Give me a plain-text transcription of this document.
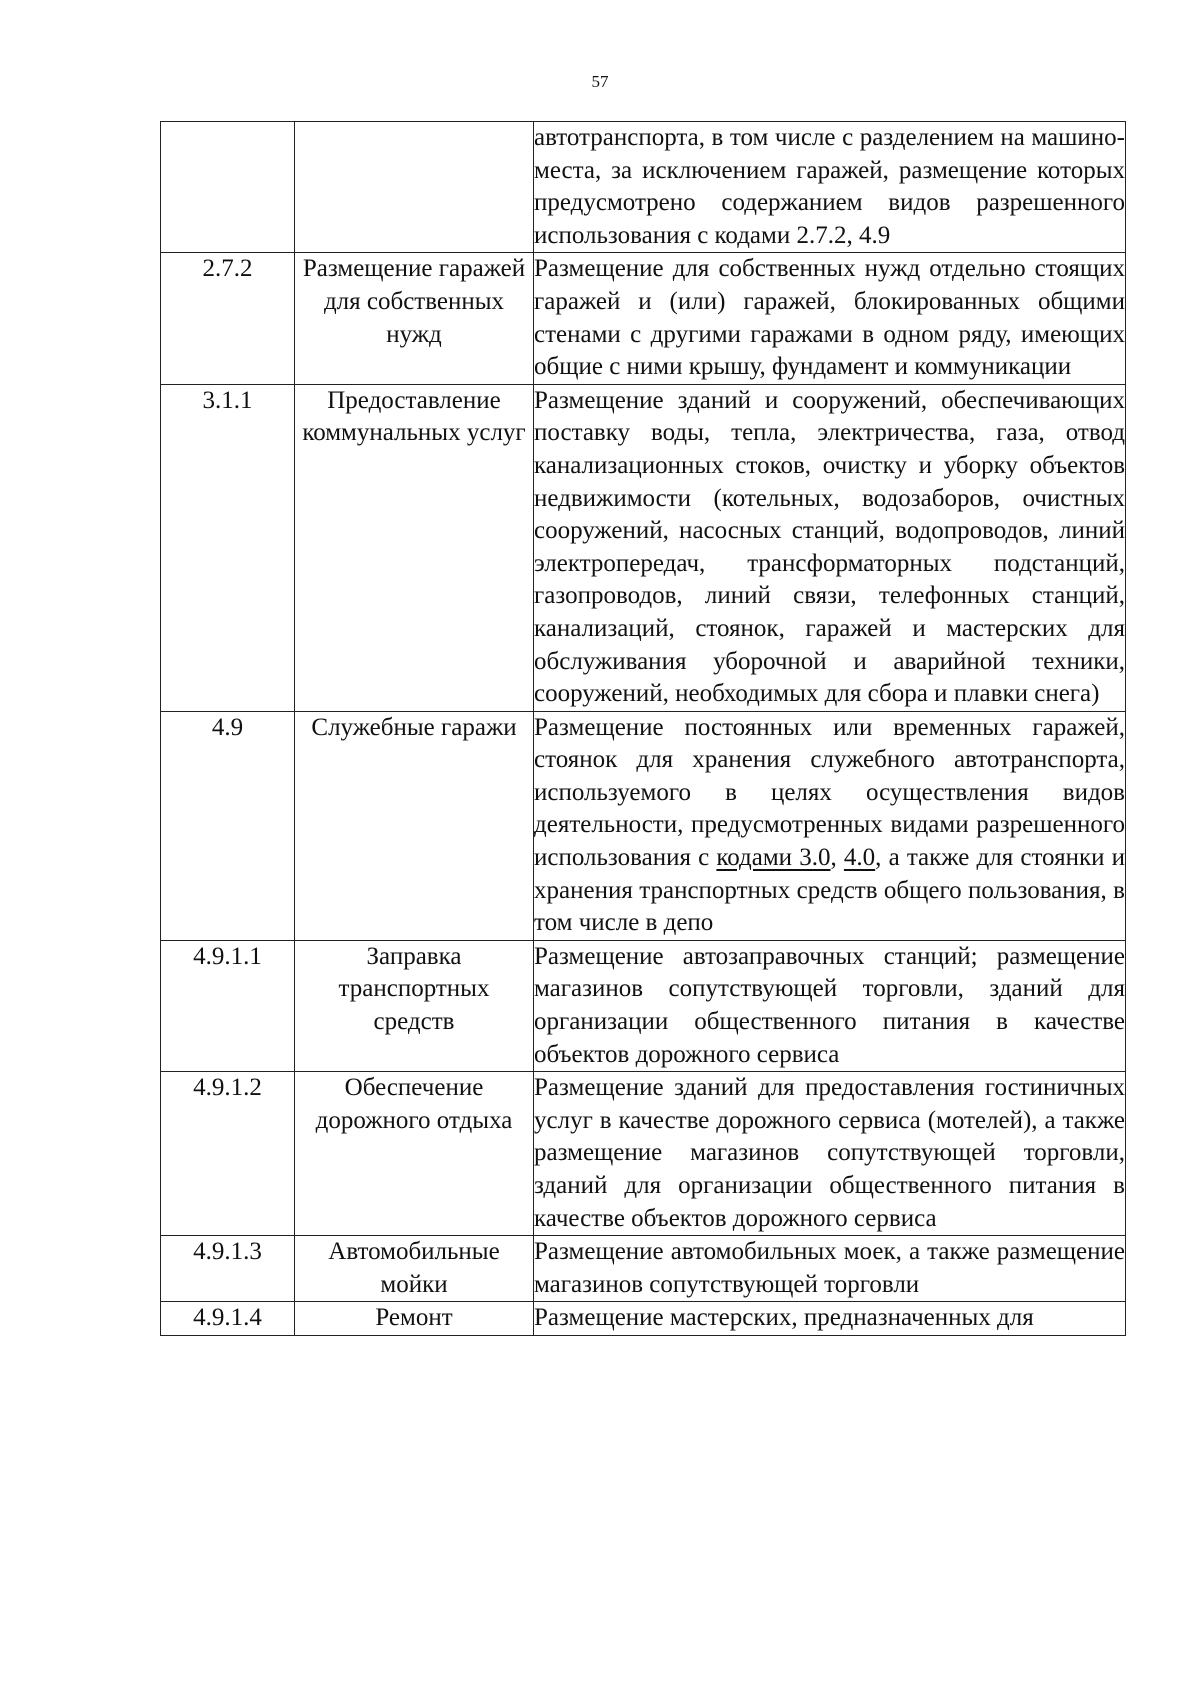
57
		автотранспорта, в том числе с разделением на машино-места, за исключением гаражей, размещение которых предусмотрено содержанием видов разрешенного использования с кодами 2.7.2, 4.9
2.7.2	Размещение гаражей для собственных нужд	Размещение для собственных нужд отдельно стоящих гаражей и (или) гаражей, блокированных общими стенами с другими гаражами в одном ряду, имеющих общие с ними крышу, фундамент и коммуникации
3.1.1	Предоставление коммунальных услуг	Размещение зданий и сооружений, обеспечивающих поставку воды, тепла, электричества, газа, отвод канализационных стоков, очистку и уборку объектов недвижимости (котельных, водозаборов, очистных сооружений, насосных станций, водопроводов, линий электропередач, трансформаторных подстанций, газопроводов, линий связи, телефонных станций, канализаций, стоянок, гаражей и мастерских для обслуживания уборочной и аварийной техники, сооружений, необходимых для сбора и плавки снега)
4.9	Служебные гаражи	Размещение постоянных или временных гаражей, стоянок для хранения служебного автотранспорта, используемого в целях осуществления видов деятельности, предусмотренных видами разрешенного использования с кодами 3.0, 4.0, а также для стоянки и хранения транспортных средств общего пользования, в том числе в депо
4.9.1.1	Заправка транспортных средств	Размещение автозаправочных станций; размещение магазинов сопутствующей торговли, зданий для организации общественного питания в качестве объектов дорожного сервиса
4.9.1.2	Обеспечение дорожного отдыха	Размещение зданий для предоставления гостиничных услуг в качестве дорожного сервиса (мотелей), а также размещение магазинов сопутствующей торговли, зданий для организации общественного питания в качестве объектов дорожного сервиса
4.9.1.3	Автомобильные мойки	Размещение автомобильных моек, а также размещение магазинов сопутствующей торговли
4.9.1.4	Ремонт	Размещение мастерских, предназначенных для
